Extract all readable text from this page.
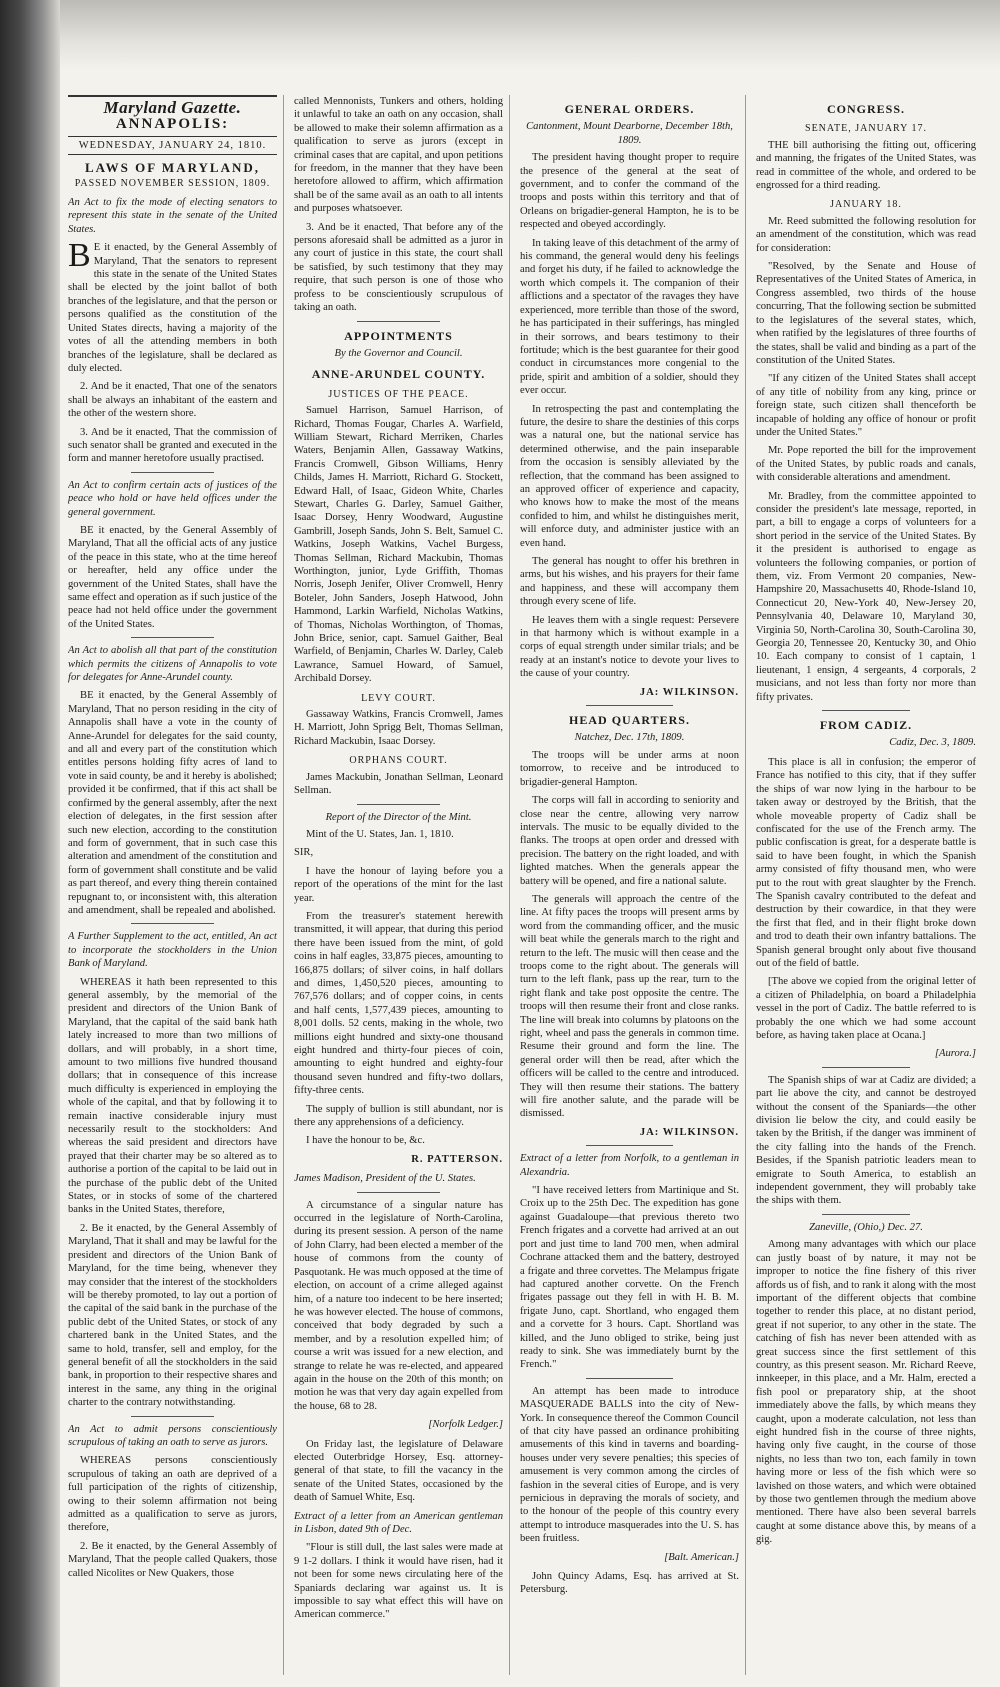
Maryland Gazette.
ANNAPOLIS:
WEDNESDAY, JANUARY 24, 1810.
LAWS OF MARYLAND,
PASSED NOVEMBER SESSION, 1809.

An Act to fix the mode of electing senators to represent this state in the senate of the United States.

B E it enacted, by the General Assembly of Maryland, That the senators to represent this state in the senate of the United States shall be elected by the joint ballot of both branches of the legislature, and that the person or persons qualified as the constitution of the United States directs, having a majority of the votes of all the attending members in both branches of the legislature, shall be declared as duly elected.

2. And be it enacted, That one of the senators shall be always an inhabitant of the eastern and the other of the western shore.

3. And be it enacted, That the commission of such senator shall be granted and executed in the form and manner heretofore usually practised.

An Act to confirm certain acts of justices of the peace who hold or have held offices under the general government.

BE it enacted, by the General Assembly of Maryland, That all the official acts of any justice of the peace in this state, who at the time hereof or hereafter, held any office under the government of the United States, shall have the same effect and operation as if such justice of the peace had not held office under the government of the United States.

An Act to abolish all that part of the constitution which permits the citizens of Annapolis to vote for delegates for Anne-Arundel county.

BE it enacted, by the General Assembly of Maryland, That no person residing in the city of Annapolis shall have a vote in the county of Anne-Arundel for delegates for the said county, and all and every part of the constitution which entitles persons holding fifty acres of land to vote in said county, be and it hereby is abolished; provided it be confirmed, that if this act shall be confirmed by the general assembly, after the next election of delegates, in the first session after such new election, according to the constitution and form of government, that in such case this alteration and amendment of the constitution and form of government shall constitute and be valid as part thereof, and every thing therein contained repugnant to, or inconsistent with, this alteration and amendment, shall be repealed and abolished.

A Further Supplement to the act, entitled, An act to incorporate the stockholders in the Union Bank of Maryland.

WHEREAS it hath been represented to this general assembly, by the memorial of the president and directors of the Union Bank of Maryland, that the capital of the said bank hath lately increased to more than two millions of dollars, and will probably, in a short time, amount to two millions five hundred thousand dollars; that in consequence of this increase much difficulty is experienced in employing the whole of the capital, and that by following it to remain inactive considerable injury must necessarily result to the stockholders: And whereas the said president and directors have prayed that their charter may be so altered as to authorise a portion of the capital to be laid out in the purchase of the public debt of the United States, or in stocks of some of the chartered banks in the United States, therefore,

2. Be it enacted, by the General Assembly of Maryland, That it shall and may be lawful for the president and directors of the Union Bank of Maryland, for the time being, whenever they may consider that the interest of the stockholders will be thereby promoted, to lay out a portion of the capital of the said bank in the purchase of the public debt of the United States, or stock of any chartered bank in the United States, and the same to hold, transfer, sell and employ, for the general benefit of all the stockholders in the said bank, in proportion to their respective shares and interest in the same, any thing in the original charter to the contrary notwithstanding.

An Act to admit persons conscientiously scrupulous of taking an oath to serve as jurors.

WHEREAS persons conscientiously scrupulous of taking an oath are deprived of a full participation of the rights of citizenship, owing to their solemn affirmation not being admitted as a qualification to serve as jurors, therefore,

2. Be it enacted, by the General Assembly of Maryland, That the people called Quakers, those called Nicolites or New Quakers, those

called Mennonists, Tunkers and others, holding it unlawful to take an oath on any occasion, shall be allowed to make their solemn affirmation as a qualification to serve as jurors (except in criminal cases that are capital, and upon petitions for freedom, in the manner that they have been heretofore allowed to affirm, which affirmation shall be of the same avail as an oath to all intents and purposes whatsoever.

3. And be it enacted, That before any of the persons aforesaid shall be admitted as a juror in any court of justice in this state, the court shall be satisfied, by such testimony that they may require, that such person is one of those who profess to be conscientiously scrupulous of taking an oath.

APPOINTMENTS
By the Governor and Council.
ANNE-ARUNDEL COUNTY.
JUSTICES OF THE PEACE.

Samuel Harrison, Samuel Harrison, of Richard, Thomas Fougar, Charles A. Warfield, William Stewart, Richard Merriken, Charles Waters, Benjamin Allen, Gassaway Watkins, Francis Cromwell, Gibson Williams, Henry Childs, James H. Marriott, Richard G. Stockett, Edward Hall, of Isaac, Gideon White, Charles Stewart, Charles G. Darley, Samuel Gaither, Isaac Dorsey, Henry Woodward, Augustine Gambrill, Joseph Sands, John S. Belt, Samuel C. Watkins, Joseph Watkins, Vachel Burgess, Thomas Sellman, Richard Mackubin, Thomas Worthington, junior, Lyde Griffith, Thomas Norris, Joseph Jenifer, Oliver Cromwell, Henry Boteler, John Sanders, Joseph Hatwood, John Hammond, Larkin Warfield, Nicholas Watkins, of Thomas, Nicholas Worthington, of Thomas, John Brice, senior, capt. Samuel Gaither, Beal Warfield, of Benjamin, Charles W. Darley, Caleb Lawrance, Samuel Howard, of Samuel, Archibald Dorsey.

LEVY COURT.

Gassaway Watkins, Francis Cromwell, James H. Marriott, John Sprigg Belt, Thomas Sellman, Richard Mackubin, Isaac Dorsey.

ORPHANS COURT.

James Mackubin, Jonathan Sellman, Leonard Sellman.

Report of the Director of the Mint.

Mint of the U. States, Jan. 1, 1810.

SIR,

I have the honour of laying before you a report of the operations of the mint for the last year.

From the treasurer's statement herewith transmitted, it will appear, that during this period there have been issued from the mint, of gold coins in half eagles, 33,875 pieces, amounting to 166,875 dollars; of silver coins, in half dollars and dimes, 1,450,520 pieces, amounting to 767,576 dollars; and of copper coins, in cents and half cents, 1,577,439 pieces, amounting to 8,001 dolls. 52 cents, making in the whole, two millions eight hundred and sixty-one thousand eight hundred and thirty-four pieces of coin, amounting to eight hundred and eighty-four thousand seven hundred and fifty-two dollars, fifty-three cents.

The supply of bullion is still abundant, nor is there any apprehensions of a deficiency.

I have the honour to be, &c.

R. PATTERSON.

James Madison, President of the U. States.

A circumstance of a singular nature has occurred in the legislature of North-Carolina, during its present session. A person of the name of John Clarry, had been elected a member of the house of commons from the county of Pasquotank. He was much opposed at the time of election, on account of a crime alleged against him, of a nature too indecent to be here inserted; he was however elected. The house of commons, conceived that body degraded by such a member, and by a resolution expelled him; of course a writ was issued for a new election, and strange to relate he was re-elected, and appeared again in the house on the 20th of this month; on motion he was that very day again expelled from the house, 68 to 28.

[Norfolk Ledger.]

On Friday last, the legislature of Delaware elected Outerbridge Horsey, Esq. attorney-general of that state, to fill the vacancy in the senate of the United States, occasioned by the death of Samuel White, Esq.

Extract of a letter from an American gentleman in Lisbon, dated 9th of Dec.

"Flour is still dull, the last sales were made at 9 1-2 dollars. I think it would have risen, had it not been for some news circulating here of the Spaniards declaring war against us. It is impossible to say what effect this will have on American commerce."

GENERAL ORDERS.
Cantonment, Mount Dearborne, December 18th, 1809.

The president having thought proper to require the presence of the general at the seat of government, and to confer the command of the troops and posts within this territory and that of Orleans on brigadier-general Hampton, he is to be respected and obeyed accordingly.

In taking leave of this detachment of the army of his command, the general would deny his feelings and forget his duty, if he failed to acknowledge the worth which compels it. The companion of their afflictions and a spectator of the ravages they have experienced, more terrible than those of the sword, he has participated in their sufferings, has mingled in their sorrows, and bears testimony to their fortitude; which is the best guarantee for their good conduct in circumstances more congenial to the pride, spirit and ambition of a soldier, should they ever occur.

In retrospecting the past and contemplating the future, the desire to share the destinies of this corps was a natural one, but the national service has determined otherwise, and the pain inseparable from the occasion is sensibly alleviated by the reflection, that the command has been assigned to an approved officer of experience and capacity, who knows how to make the most of the means confided to him, and whilst he distinguishes merit, will enforce duty, and administer justice with an even hand.

The general has nought to offer his brethren in arms, but his wishes, and his prayers for their fame and happiness, and these will accompany them through every scene of life.

He leaves them with a single request: Persevere in that harmony which is without example in a corps of equal strength under similar trials; and be ready at an instant's notice to devote your lives to the cause of your country.

JA: WILKINSON.
HEAD QUARTERS.
Natchez, Dec. 17th, 1809.

The troops will be under arms at noon tomorrow, to receive and be introduced to brigadier-general Hampton.

The corps will fall in according to seniority and close near the centre, allowing very narrow intervals. The music to be equally divided to the flanks. The troops at open order and dressed with precision. The battery on the right loaded, and with lighted matches. When the generals appear the battery will be opened, and fire a national salute.

The generals will approach the centre of the line. At fifty paces the troops will present arms by word from the commanding officer, and the music will beat while the generals march to the right and return to the left. The music will then cease and the troops come to the right about. The generals will turn to the left flank, pass up the rear, turn to the right flank and take post opposite the centre. The troops will then resume their front and close ranks. The line will break into columns by platoons on the right, wheel and pass the generals in common time. Resume their ground and form the line. The general order will then be read, after which the officers will be called to the centre and introduced. They will then resume their stations. The battery will fire another salute, and the parade will be dismissed.

JA: WILKINSON.

Extract of a letter from Norfolk, to a gentleman in Alexandria.

"I have received letters from Martinique and St. Croix up to the 25th Dec. The expedition has gone against Guadaloupe—that previous thereto two French frigates and a corvette had arrived at an out port and just time to land 700 men, when admiral Cochrane attacked them and the battery, destroyed a frigate and three corvettes. The Melampus frigate had captured another corvette. On the French frigates passage out they fell in with H. B. M. frigate Juno, capt. Shortland, who engaged them and a corvette for 3 hours. Capt. Shortland was killed, and the Juno obliged to strike, being just ready to sink. She was immediately burnt by the French."

An attempt has been made to introduce MASQUERADE BALLS into the city of New-York. In consequence thereof the Common Council of that city have passed an ordinance prohibiting amusements of this kind in taverns and boarding-houses under very severe penalties; this species of amusement is very common among the circles of fashion in the several cities of Europe, and is very pernicious in depraving the morals of society, and to the honour of the people of this country every attempt to introduce masquerades into the U. S. has been fruitless.

[Balt. American.]

John Quincy Adams, Esq. has arrived at St. Petersburg.

CONGRESS.
SENATE, JANUARY 17.

THE bill authorising the fitting out, officering and manning, the frigates of the United States, was read in committee of the whole, and ordered to be engrossed for a third reading.

JANUARY 18.

Mr. Reed submitted the following resolution for an amendment of the constitution, which was read for consideration:

"Resolved, by the Senate and House of Representatives of the United States of America, in Congress assembled, two thirds of the house concurring, That the following section be submitted to the legislatures of the several states, which, when ratified by the legislatures of three fourths of the states, shall be valid and binding as a part of the constitution of the United States.

"If any citizen of the United States shall accept of any title of nobility from any king, prince or foreign state, such citizen shall thenceforth be incapable of holding any office of honour or profit under the United States."

Mr. Pope reported the bill for the improvement of the United States, by public roads and canals, with considerable alterations and amendment.

Mr. Bradley, from the committee appointed to consider the president's late message, reported, in part, a bill to engage a corps of volunteers for a short period in the service of the United States. By it the president is authorised to engage as volunteers the following companies, or portion of them, viz. From Vermont 20 companies, New-Hampshire 20, Massachusetts 40, Rhode-Island 10, Connecticut 20, New-York 40, New-Jersey 20, Pennsylvania 40, Delaware 10, Maryland 30, Virginia 50, North-Carolina 30, South-Carolina 30, Georgia 20, Tennessee 20, Kentucky 30, and Ohio 10. Each company to consist of 1 captain, 1 lieutenant, 1 ensign, 4 sergeants, 4 corporals, 2 musicians, and not less than forty nor more than fifty privates.

FROM CADIZ.
Cadiz, Dec. 3, 1809.

This place is all in confusion; the emperor of France has notified to this city, that if they suffer the ships of war now lying in the harbour to be taken away or destroyed by the British, that the whole moveable property of Cadiz shall be confiscated for the use of the French army. The public confiscation is great, for a desperate battle is said to have been fought, in which the Spanish army consisted of fifty thousand men, who were put to the rout with great slaughter by the French. The Spanish cavalry contributed to the defeat and destruction by their cowardice, in that they were the first that fled, and in their flight broke down and trod to death their own infantry battalions. The Spanish general brought only about five thousand out of the field of battle.

[The above we copied from the original letter of a citizen of Philadelphia, on board a Philadelphia vessel in the port of Cadiz. The battle referred to is probably the one which we had some account before, as having taken place at Ocana.]

[Aurora.]

The Spanish ships of war at Cadiz are divided; a part lie above the city, and cannot be destroyed without the consent of the Spaniards—the other division lie below the city, and could easily be taken by the British, if the danger was imminent of the city falling into the hands of the French. Besides, if the Spanish patriotic leaders mean to emigrate to South America, to establish an independent government, they will probably take the ships with them.

Zaneville, (Ohio,) Dec. 27.

Among many advantages with which our place can justly boast of by nature, it may not be improper to notice the fine fishery of this river affords us of fish, and to rank it along with the most important of the different objects that combine together to render this place, at no distant period, great if not superior, to any other in the state. The catching of fish has never been attended with as great success since the first settlement of this country, as this present season. Mr. Richard Reeve, innkeeper, in this place, and a Mr. Halm, erected a fish pool or preparatory ship, at the shoot immediately above the falls, by which means they caught, upon a moderate calculation, not less than eight hundred fish in the course of three nights, having only five caught, in the course of those nights, no less than two ton, each family in town having more or less of the fish which were so lavished on those waters, and which were obtained by those two gentlemen through the medium above mentioned. There have also been several barrels caught at some distance above this, by means of a gig.
